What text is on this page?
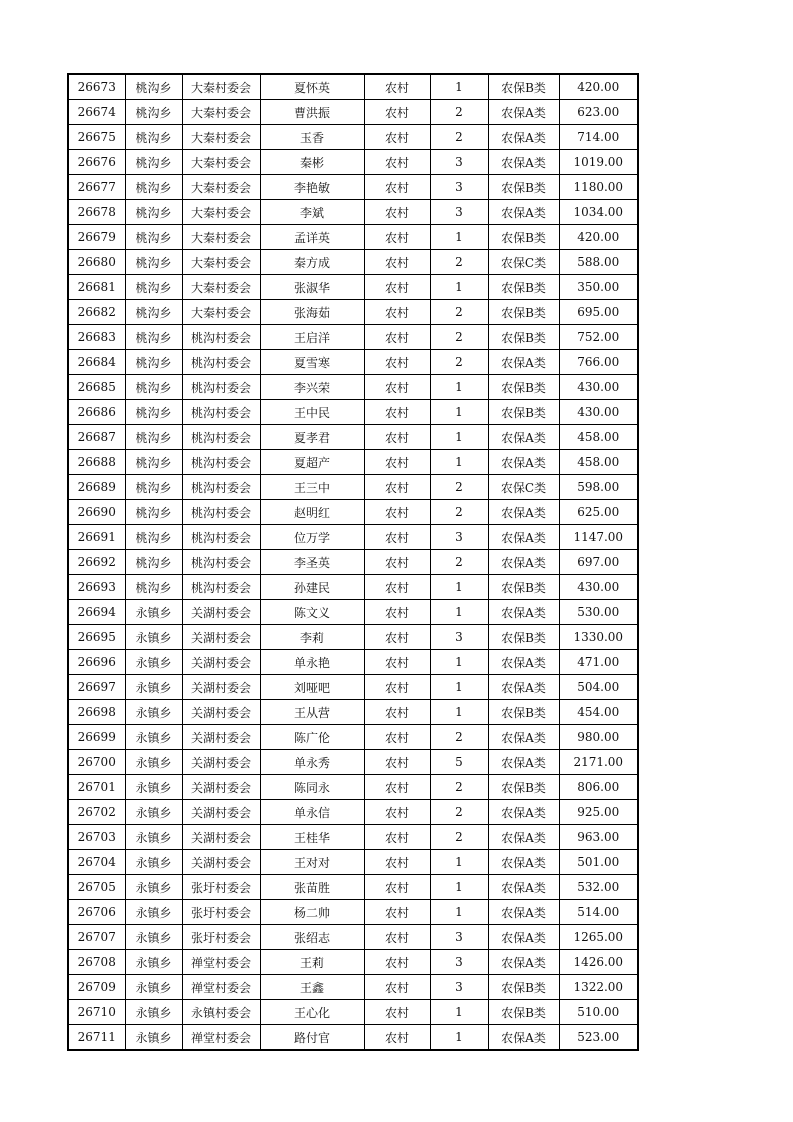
26673	桃沟乡	大秦村委会	夏怀英	农村	1	农保B类	420.00
26674	桃沟乡	大秦村委会	曹洪振	农村	2	农保A类	623.00
26675	桃沟乡	大秦村委会	玉香	农村	2	农保A类	714.00
26676	桃沟乡	大秦村委会	秦彬	农村	3	农保A类	1019.00
26677	桃沟乡	大秦村委会	李艳敏	农村	3	农保B类	1180.00
26678	桃沟乡	大秦村委会	李斌	农村	3	农保A类	1034.00
26679	桃沟乡	大秦村委会	孟详英	农村	1	农保B类	420.00
26680	桃沟乡	大秦村委会	秦方成	农村	2	农保C类	588.00
26681	桃沟乡	大秦村委会	张淑华	农村	1	农保B类	350.00
26682	桃沟乡	大秦村委会	张海茹	农村	2	农保B类	695.00
26683	桃沟乡	桃沟村委会	王启洋	农村	2	农保B类	752.00
26684	桃沟乡	桃沟村委会	夏雪寒	农村	2	农保A类	766.00
26685	桃沟乡	桃沟村委会	李兴荣	农村	1	农保B类	430.00
26686	桃沟乡	桃沟村委会	王中民	农村	1	农保B类	430.00
26687	桃沟乡	桃沟村委会	夏孝君	农村	1	农保A类	458.00
26688	桃沟乡	桃沟村委会	夏超产	农村	1	农保A类	458.00
26689	桃沟乡	桃沟村委会	王三中	农村	2	农保C类	598.00
26690	桃沟乡	桃沟村委会	赵明红	农村	2	农保A类	625.00
26691	桃沟乡	桃沟村委会	位万学	农村	3	农保A类	1147.00
26692	桃沟乡	桃沟村委会	李圣英	农村	2	农保A类	697.00
26693	桃沟乡	桃沟村委会	孙建民	农村	1	农保B类	430.00
26694	永镇乡	关湖村委会	陈文义	农村	1	农保A类	530.00
26695	永镇乡	关湖村委会	李莉	农村	3	农保B类	1330.00
26696	永镇乡	关湖村委会	单永艳	农村	1	农保A类	471.00
26697	永镇乡	关湖村委会	刘哑吧	农村	1	农保A类	504.00
26698	永镇乡	关湖村委会	王从营	农村	1	农保B类	454.00
26699	永镇乡	关湖村委会	陈广伦	农村	2	农保A类	980.00
26700	永镇乡	关湖村委会	单永秀	农村	5	农保A类	2171.00
26701	永镇乡	关湖村委会	陈同永	农村	2	农保B类	806.00
26702	永镇乡	关湖村委会	单永信	农村	2	农保A类	925.00
26703	永镇乡	关湖村委会	王桂华	农村	2	农保A类	963.00
26704	永镇乡	关湖村委会	王对对	农村	1	农保A类	501.00
26705	永镇乡	张圩村委会	张苗胜	农村	1	农保A类	532.00
26706	永镇乡	张圩村委会	杨二帅	农村	1	农保A类	514.00
26707	永镇乡	张圩村委会	张绍志	农村	3	农保A类	1265.00
26708	永镇乡	禅堂村委会	王莉	农村	3	农保A类	1426.00
26709	永镇乡	禅堂村委会	王鑫	农村	3	农保B类	1322.00
26710	永镇乡	永镇村委会	王心化	农村	1	农保B类	510.00
26711	永镇乡	禅堂村委会	路付官	农村	1	农保A类	523.00
